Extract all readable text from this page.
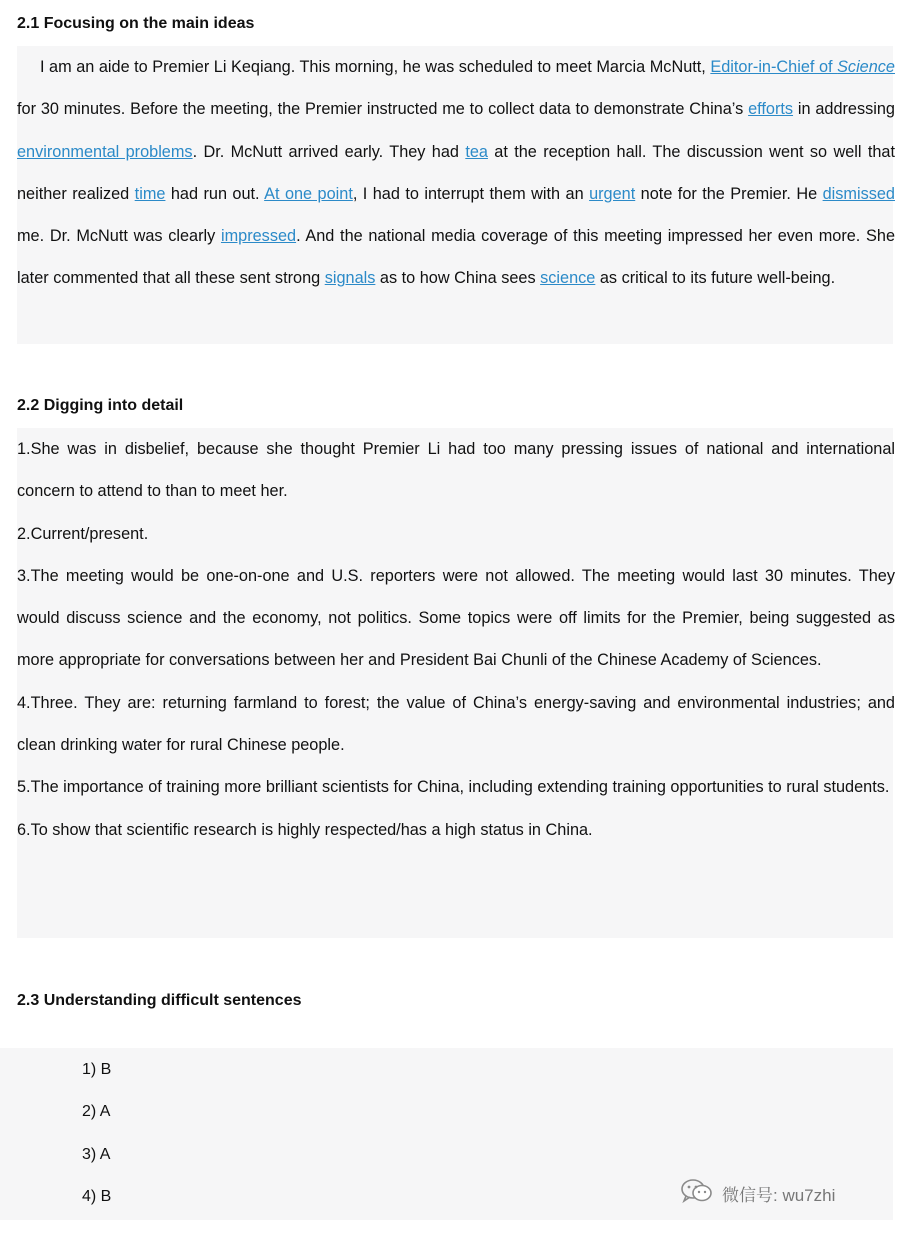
2.1 Focusing on the main ideas

I am an aide to Premier Li Keqiang. This morning, he was scheduled to meet Marcia McNutt, Editor-in-Chief of Science for 30 minutes. Before the meeting, the Premier instructed me to collect data to demonstrate China’s efforts in addressing environmental problems. Dr. McNutt arrived early. They had tea at the reception hall. The discussion went so well that neither realized time had run out. At one point, I had to interrupt them with an urgent note for the Premier. He dismissed me. Dr. McNutt was clearly impressed. And the national media coverage of this meeting impressed her even more. She later commented that all these sent strong signals as to how China sees science as critical to its future well-being.

2.2 Digging into detail

1.She was in disbelief, because she thought Premier Li had too many pressing issues of national and international concern to attend to than to meet her.

2.Current/present.

3.The meeting would be one-on-one and U.S. reporters were not allowed. The meeting would last 30 minutes. They would discuss science and the economy, not politics. Some topics were off limits for the Premier, being suggested as more appropriate for conversations between her and President Bai Chunli of the Chinese Academy of Sciences.

4.Three. They are: returning farmland to forest; the value of China’s energy-saving and environmental industries; and clean drinking water for rural Chinese people.

5.The importance of training more brilliant scientists for China, including extending training opportunities to rural students.

6.To show that scientific research is highly respected/has a high status in China.

2.3 Understanding difficult sentences
1) B
2) A
3) A
4) B	微信号: wu7zhi
